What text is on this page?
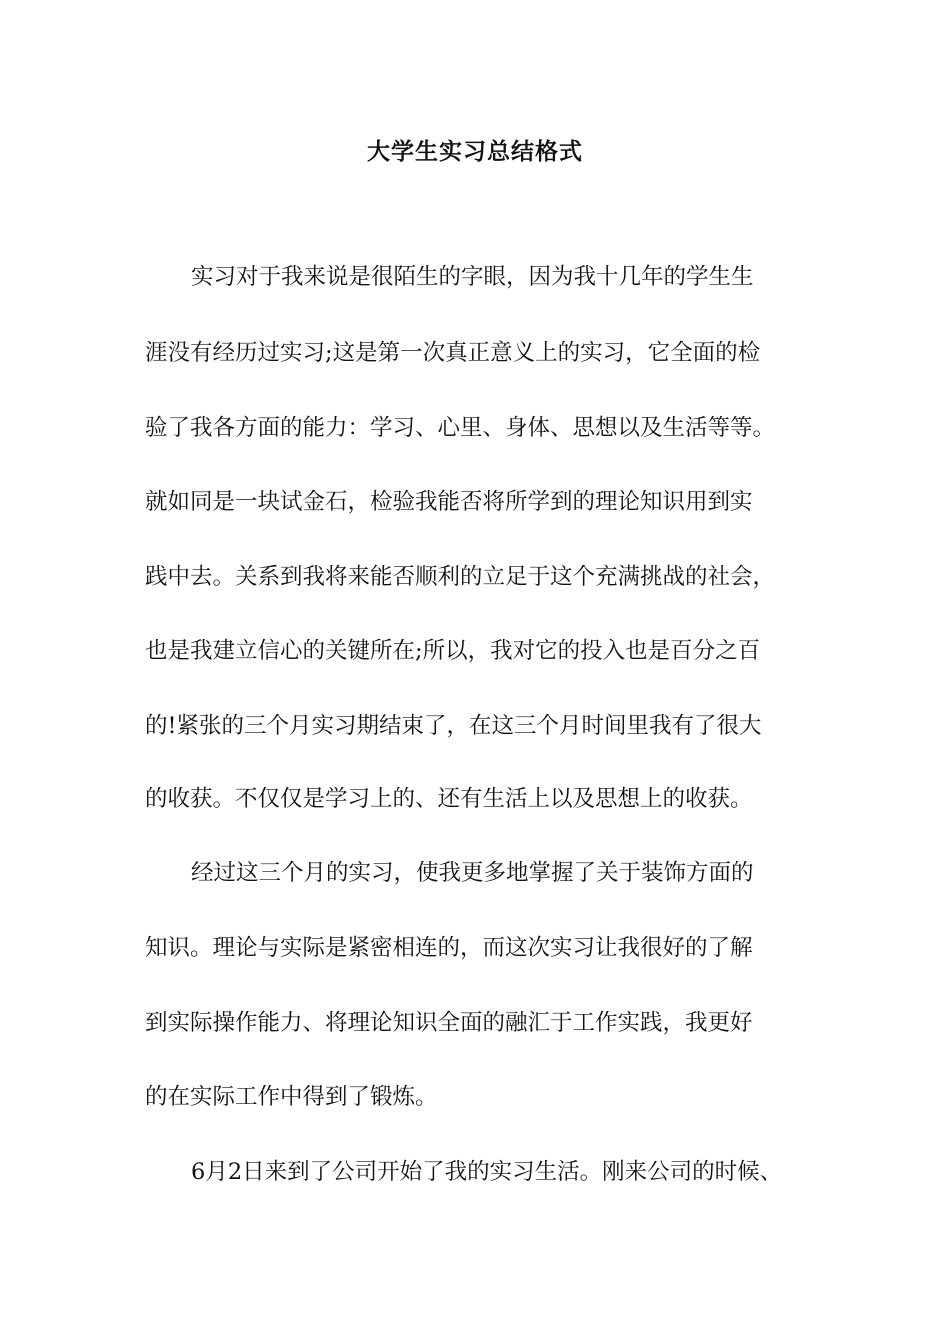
大学生实习总结格式
实习对于我来说是很陌生的字眼，因为我十几年的学生生
涯没有经历过实习;这是第一次真正意义上的实习，它全面的检
验了我各方面的能力：学习、心里、身体、思想以及生活等等。
就如同是一块试金石，检验我能否将所学到的理论知识用到实
践中去。关系到我将来能否顺利的立足于这个充满挑战的社会，
也是我建立信心的关键所在;所以，我对它的投入也是百分之百
的!紧张的三个月实习期结束了，在这三个月时间里我有了很大
的收获。不仅仅是学习上的、还有生活上以及思想上的收获。
经过这三个月的实习，使我更多地掌握了关于装饰方面的
知识。理论与实际是紧密相连的，而这次实习让我很好的了解
到实际操作能力、将理论知识全面的融汇于工作实践，我更好
的在实际工作中得到了锻炼。
6月2日来到了公司开始了我的实习生活。刚来公司的时候、
